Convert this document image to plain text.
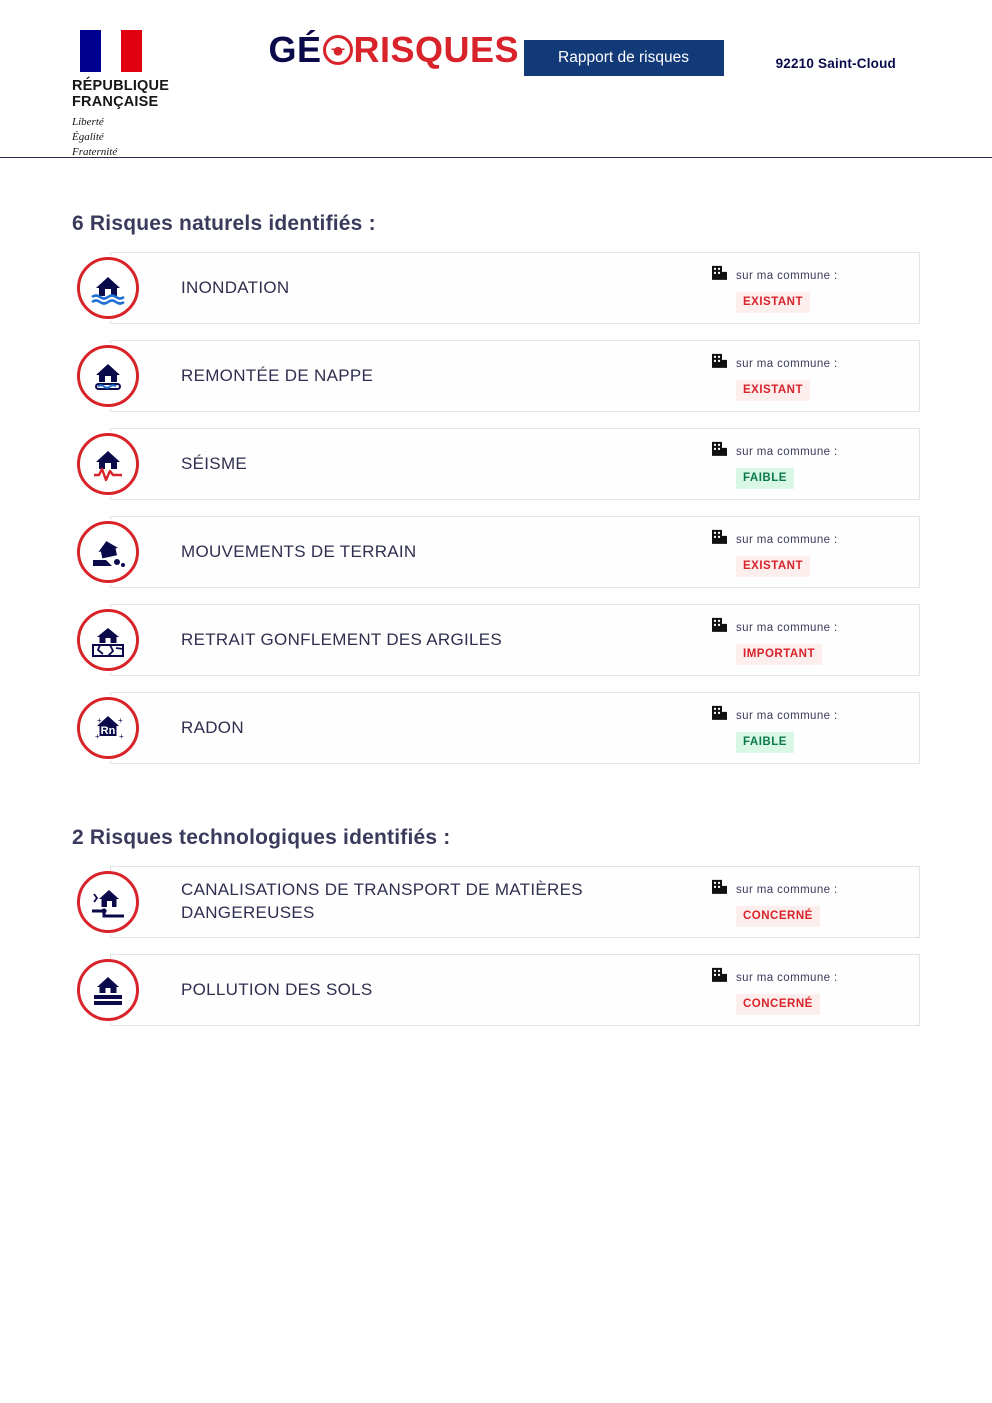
RÉPUBLIQUE
FRANÇAISE
Liberté
Égalité
Fraternité
GÉ RISQUES	Rapport de risques	92210 Saint-Cloud
6 Risques naturels identifiés :
INONDATION
sur ma commune :
EXISTANT
REMONTÉE DE NAPPE
sur ma commune :
EXISTANT
SÉISME
sur ma commune :
FAIBLE
MOUVEMENTS DE TERRAIN
sur ma commune :
EXISTANT
RETRAIT GONFLEMENT DES ARGILES
sur ma commune :
IMPORTANT
Rn
+ +
+ +	RADON
sur ma commune :
FAIBLE
2 Risques technologiques identifiés :
CANALISATIONS DE TRANSPORT DE MATIÈRES DANGEREUSES
sur ma commune :
CONCERNÉ
POLLUTION DES SOLS
sur ma commune :
CONCERNÉ
